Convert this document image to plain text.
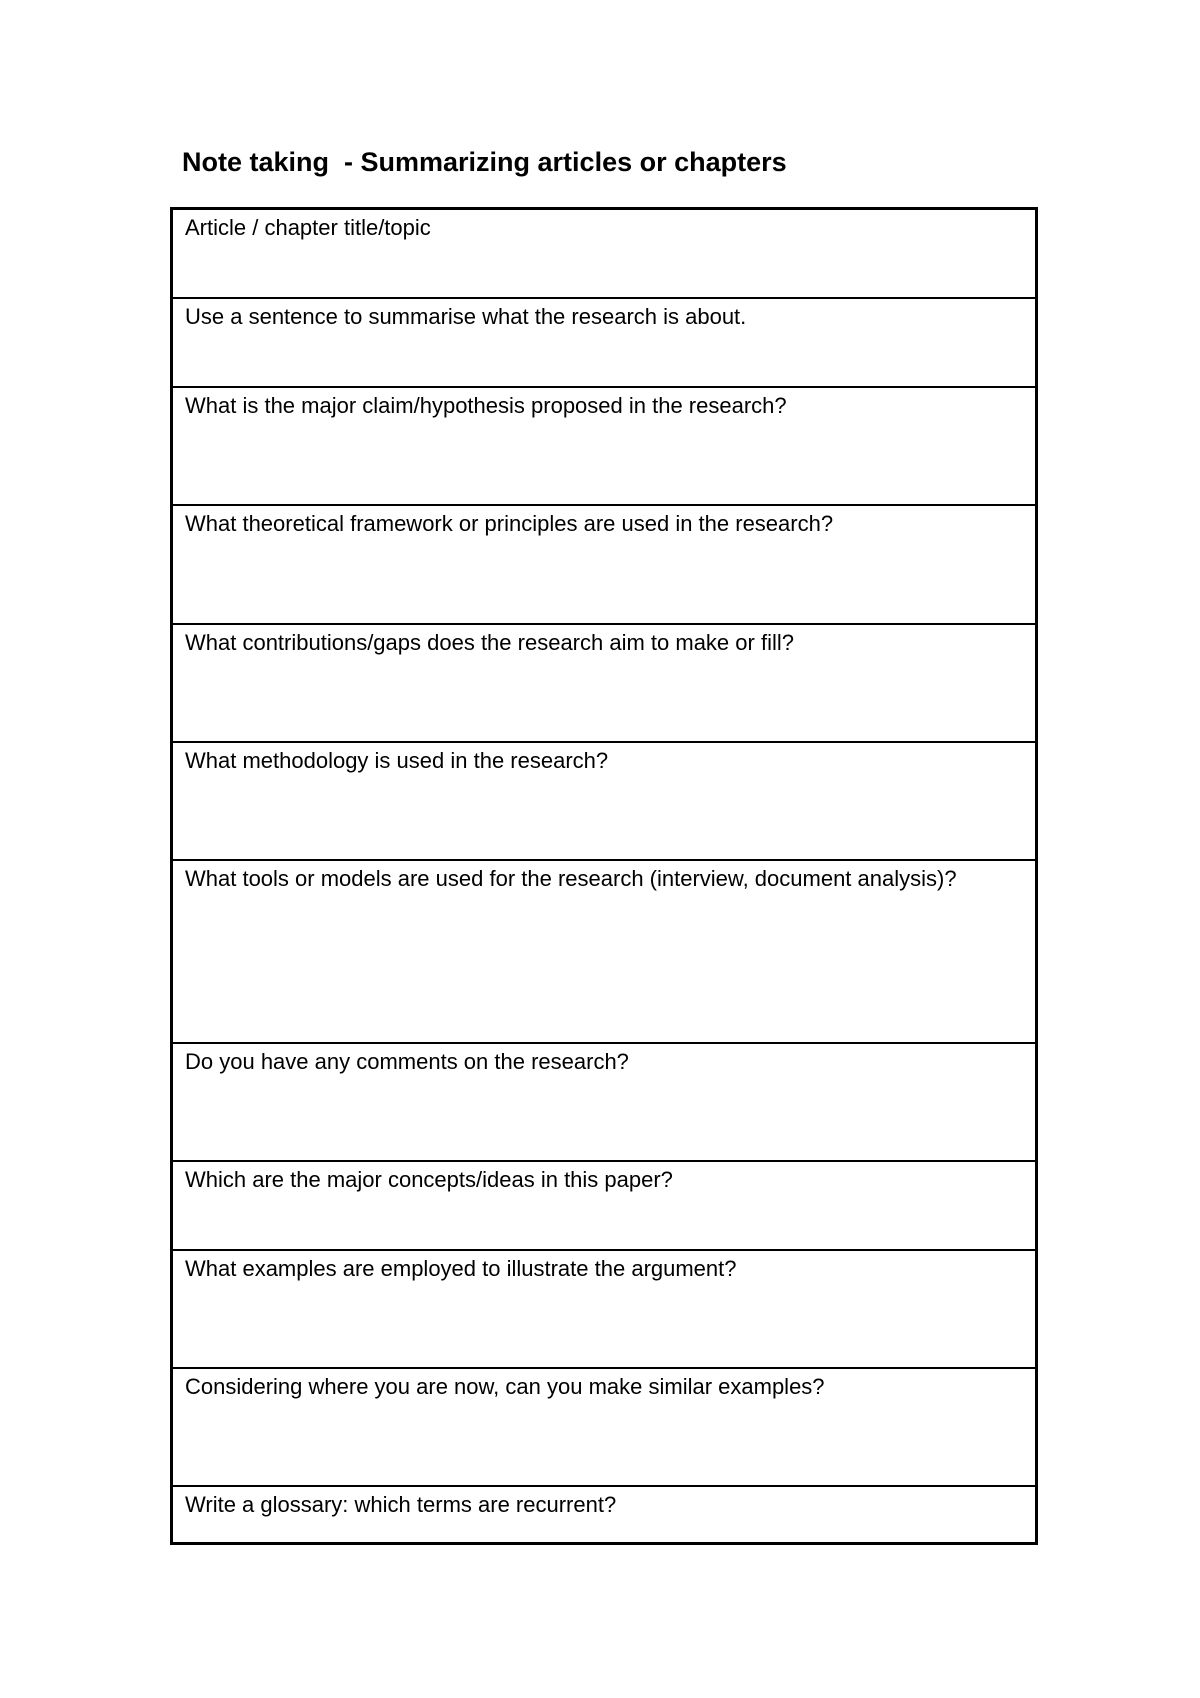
Note taking  - Summarizing articles or chapters
Article / chapter title/topic
Use a sentence to summarise what the research is about.
What is the major claim/hypothesis proposed in the research?
What theoretical framework or principles are used in the research?
What contributions/gaps does the research aim to make or fill?
What methodology is used in the research?
What tools or models are used for the research (interview, document analysis)?
Do you have any comments on the research?
Which are the major concepts/ideas in this paper?
What examples are employed to illustrate the argument?
Considering where you are now, can you make similar examples?
Write a glossary: which terms are recurrent?
